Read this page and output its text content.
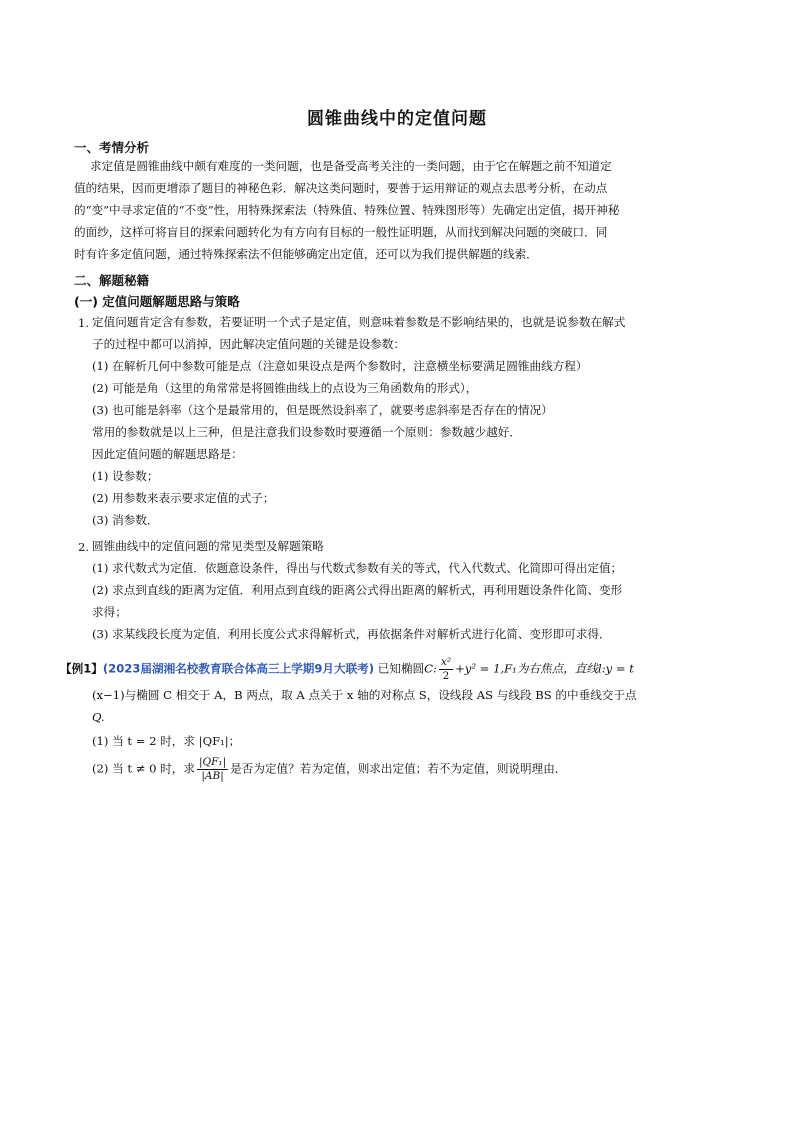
圆锥曲线中的定值问题
一、考情分析
求定值是圆锥曲线中颇有难度的一类问题，也是备受高考关注的一类问题，由于它在解题之前不知道定
值的结果，因而更增添了题目的神秘色彩．解决这类问题时，要善于运用辩证的观点去思考分析，在动点
的“变”中寻求定值的“不变”性，用特殊探索法（特殊值、特殊位置、特殊图形等）先确定出定值，揭开神秘
的面纱，这样可将盲目的探索问题转化为有方向有目标的一般性证明题，从而找到解决问题的突破口．同
时有许多定值问题，通过特殊探索法不但能够确定出定值，还可以为我们提供解题的线索．
二、解题秘籍
(一) 定值问题解题思路与策略
1. 定值问题肯定含有参数，若要证明一个式子是定值，则意味着参数是不影响结果的，也就是说参数在解式
子的过程中都可以消掉，因此解决定值问题的关键是设参数：
(1) 在解析几何中参数可能是点（注意如果设点是两个参数时，注意横坐标要满足圆锥曲线方程）
(2) 可能是角（这里的角常常是将圆锥曲线上的点设为三角函数角的形式），
(3) 也可能是斜率（这个是最常用的，但是既然设斜率了，就要考虑斜率是否存在的情况）
常用的参数就是以上三种，但是注意我们设参数时要遵循一个原则：参数越少越好．
因此定值问题的解题思路是：
(1) 设参数；
(2) 用参数来表示要求定值的式子；
(3) 消参数．
2. 圆锥曲线中的定值问题的常见类型及解题策略
(1) 求代数式为定值．依题意设条件，得出与代数式参数有关的等式，代入代数式、化简即可得出定值；
(2) 求点到直线的距离为定值．利用点到直线的距离公式得出距离的解析式，再利用题设条件化简、变形
求得；
(3) 求某线段长度为定值．利用长度公式求得解析式，再依据条件对解析式进行化简、变形即可求得．
【例1】(2023届湖湘名校教育联合体高三上学期9月大联考) 已知椭圆C: $\frac{\text{x²}}{2} +y^2 = 1,F_1$为右焦点，直线l:y = t
(x−1)与椭圆 C 相交于 A，B 两点，取 A 点关于 x 轴的对称点 S，设线段 AS 与线段 BS 的中垂线交于点
Q.
(1) 当 t = 2 时，求 |QF₁|；
(2) 当 t ≠ 0 时，求 $\frac{\text{|QF₁|}}{|AB|}$ 是否为定值？若为定值，则求出定值；若不为定值，则说明理由．
